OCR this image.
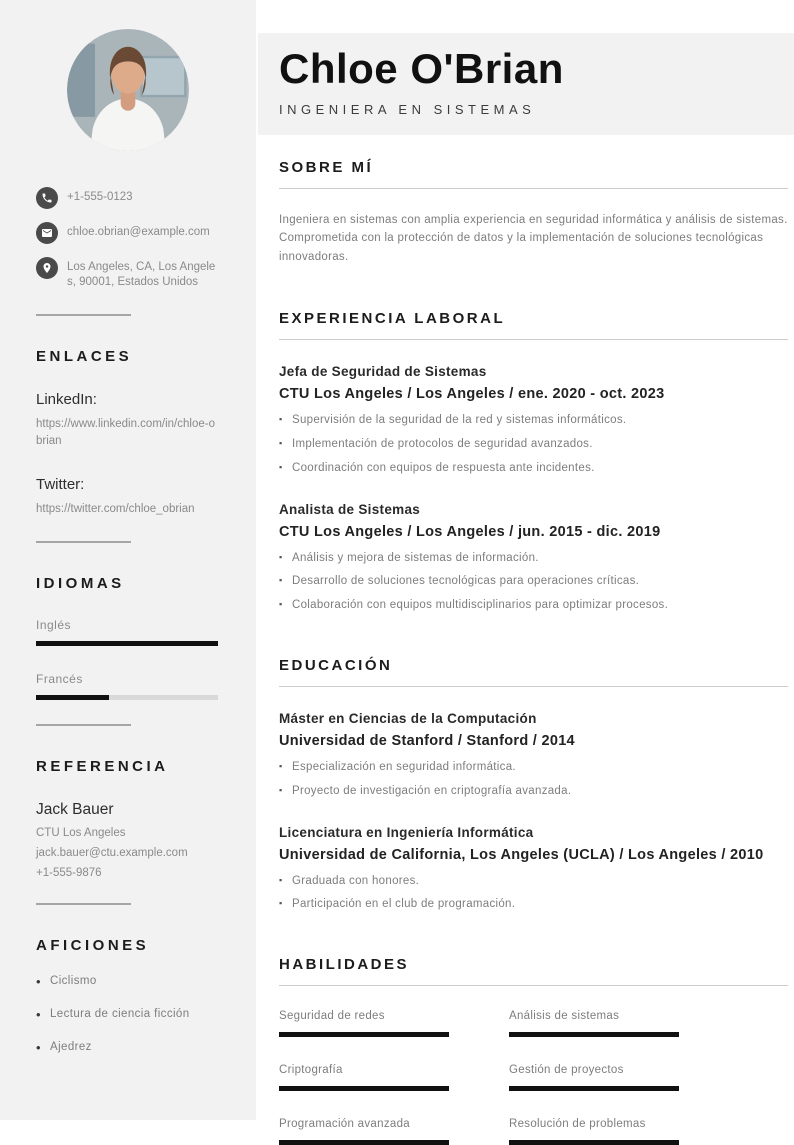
+1-555-0123
chloe.obrian@example.com
Los Angeles, CA, Los Angeles, 90001, Estados Unidos
ENLACES
LinkedIn:
https://www.linkedin.com/in/chloe-obrian
Twitter:
https://twitter.com/chloe_obrian
IDIOMAS
Inglés
Francés
REFERENCIA
Jack Bauer
CTU Los Angeles
jack.bauer@ctu.example.com
+1-555-9876
AFICIONES
• Ciclismo
• Lectura de ciencia ficción
• Ajedrez
Chloe O'Brian
INGENIERA EN SISTEMAS
SOBRE MÍ

Ingeniera en sistemas con amplia experiencia en seguridad informática y análisis de sistemas. Comprometida con la protección de datos y la implementación de soluciones tecnológicas innovadoras.

EXPERIENCIA LABORAL
Jefa de Seguridad de Sistemas
CTU Los Angeles / Los Angeles / ene. 2020 - oct. 2023
▪ Supervisión de la seguridad de la red y sistemas informáticos.
▪ Implementación de protocolos de seguridad avanzados.
▪ Coordinación con equipos de respuesta ante incidentes.
Analista de Sistemas
CTU Los Angeles / Los Angeles / jun. 2015 - dic. 2019
▪ Análisis y mejora de sistemas de información.
▪ Desarrollo de soluciones tecnológicas para operaciones críticas.
▪ Colaboración con equipos multidisciplinarios para optimizar procesos.
EDUCACIÓN
Máster en Ciencias de la Computación
Universidad de Stanford / Stanford / 2014
▪ Especialización en seguridad informática.
▪ Proyecto de investigación en criptografía avanzada.
Licenciatura en Ingeniería Informática
Universidad de California, Los Angeles (UCLA) / Los Angeles / 2010
▪ Graduada con honores.
▪ Participación en el club de programación.
HABILIDADES
Seguridad de redes	Análisis de sistemas
Criptografía	Gestión de proyectos
Programación avanzada	Resolución de problemas
